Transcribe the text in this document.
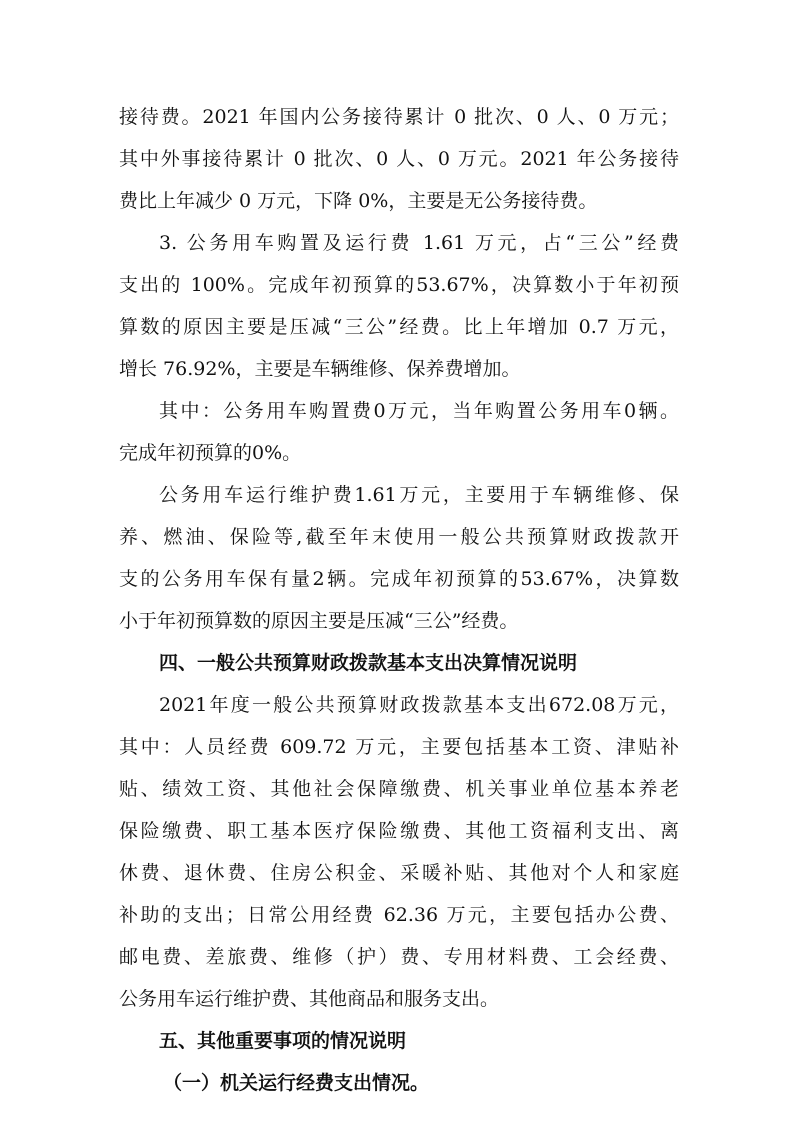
接待费。2021 年国内公务接待累计 0 批次、0 人、0 万元；
其中外事接待累计 0 批次、0 人、0 万元。2021 年公务接待
费比上年减少 0 万元，下降 0%，主要是无公务接待费。
3. 公务用车购置及运行费 1.61 万元，占“三公”经费
支出的 100%。完成年初预算的53.67%，决算数小于年初预
算数的原因主要是压减“三公”经费。比上年增加 0.7 万元，
增长 76.92%，主要是车辆维修、保养费增加。
其中：公务用车购置费0万元，当年购置公务用车0辆。
完成年初预算的0%。
公务用车运行维护费1.61万元，主要用于车辆维修、保
养、燃油、保险等,截至年末使用一般公共预算财政拨款开
支的公务用车保有量2辆。完成年初预算的53.67%，决算数
小于年初预算数的原因主要是压减“三公”经费。
四、一般公共预算财政拨款基本支出决算情况说明
2021年度一般公共预算财政拨款基本支出672.08万元，
其中：人员经费 609.72 万元，主要包括基本工资、津贴补
贴、绩效工资、其他社会保障缴费、机关事业单位基本养老
保险缴费、职工基本医疗保险缴费、其他工资福利支出、离
休费、退休费、住房公积金、采暖补贴、其他对个人和家庭
补助的支出；日常公用经费 62.36 万元，主要包括办公费、
邮电费、差旅费、维修（护）费、专用材料费、工会经费、
公务用车运行维护费、其他商品和服务支出。
五、其他重要事项的情况说明
（一）机关运行经费支出情况。
